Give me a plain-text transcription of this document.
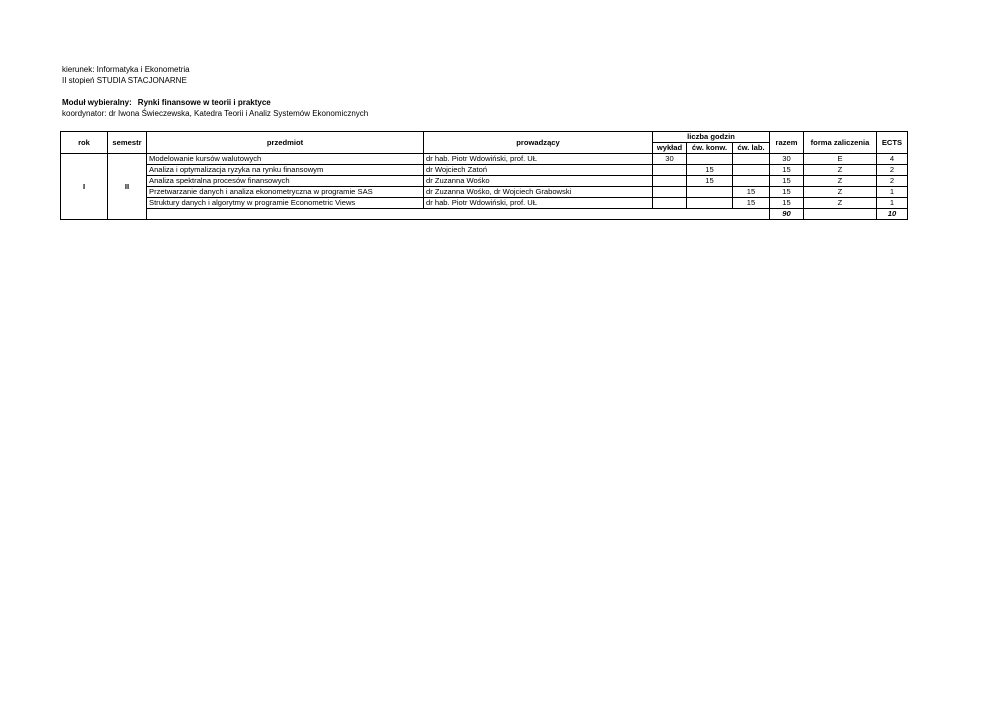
kierunek: Informatyka i Ekonometria
II stopień STUDIA STACJONARNE
Moduł wybieralny: Rynki finansowe w teorii i praktyce
koordynator: dr Iwona Świeczewska, Katedra Teorii i Analiz Systemów Ekonomicznych
rok	semestr	przedmiot	prowadzący	liczba godzin			razem	forma zaliczenia	ECTS
				wykład	ćw. konw.	ćw. lab.			
I	II	Modelowanie kursów walutowych	dr hab. Piotr Wdowiński, prof. UŁ	30			30	E	4
		Analiza i optymalizacja ryzyka na rynku finansowym	dr Wojciech Zatoń		15		15	Z	2
		Analiza spektralna procesów finansowych	dr Zuzanna Wośko		15		15	Z	2
		Przetwarzanie danych i analiza ekonometryczna w programie SAS	dr Zuzanna Wośko, dr Wojciech Grabowski			15	15	Z	1
		Struktury danych i algorytmy w programie Econometric Views	dr hab. Piotr Wdowiński, prof. UŁ			15	15	Z	1
							90		10
